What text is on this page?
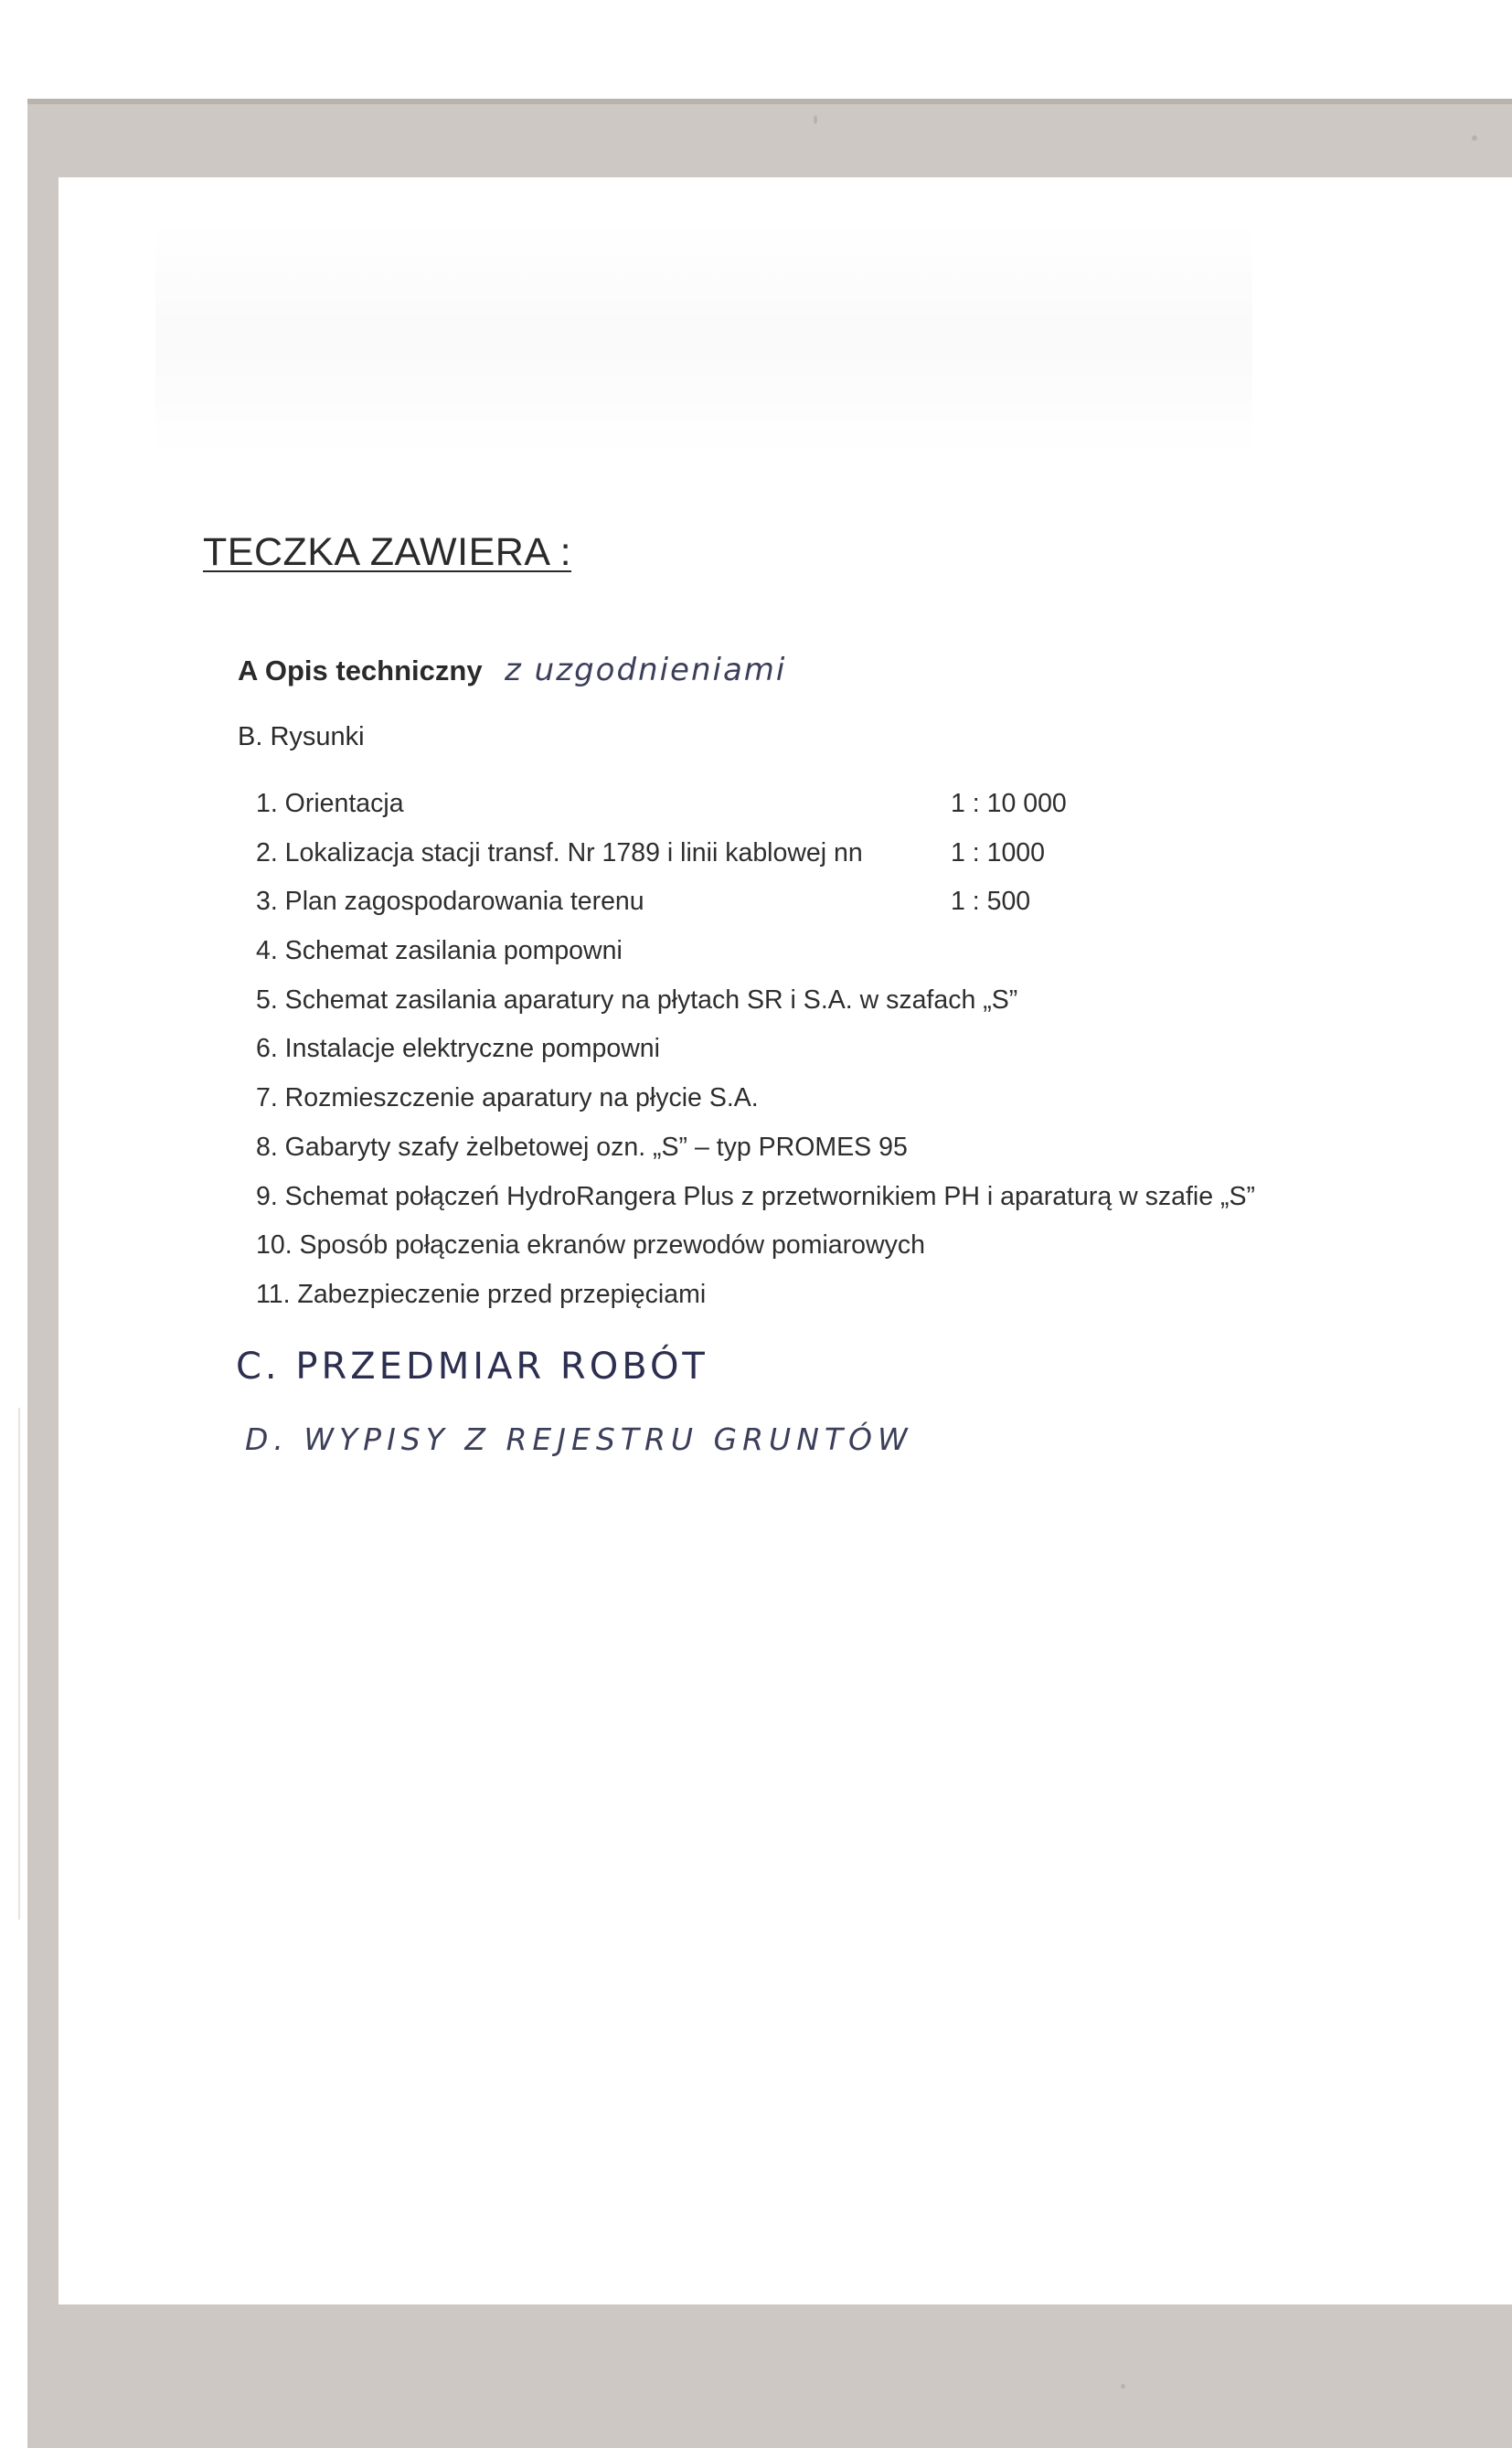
TECZKA ZAWIERA :
A Opis techniczny z uzgodnieniami

B. Rysunki

1. Orientacja	1 : 10 000
2. Lokalizacja stacji transf. Nr 1789 i linii kablowej nn	1 : 1000
3. Plan zagospodarowania terenu	1 : 500
4. Schemat zasilania pompowni
5. Schemat zasilania aparatury na płytach SR i S.A. w szafach „S”
6. Instalacje elektryczne pompowni
7. Rozmieszczenie aparatury na płycie S.A.
8. Gabaryty szafy żelbetowej ozn. „S” – typ PROMES 95
9. Schemat połączeń HydroRangera Plus z przetwornikiem PH i aparaturą w szafie „S”
10. Sposób połączenia ekranów przewodów pomiarowych
11. Zabezpieczenie przed przepięciami
C. PRZEDMIAR ROBÓT
D. WYPISY Z REJESTRU GRUNTÓW
